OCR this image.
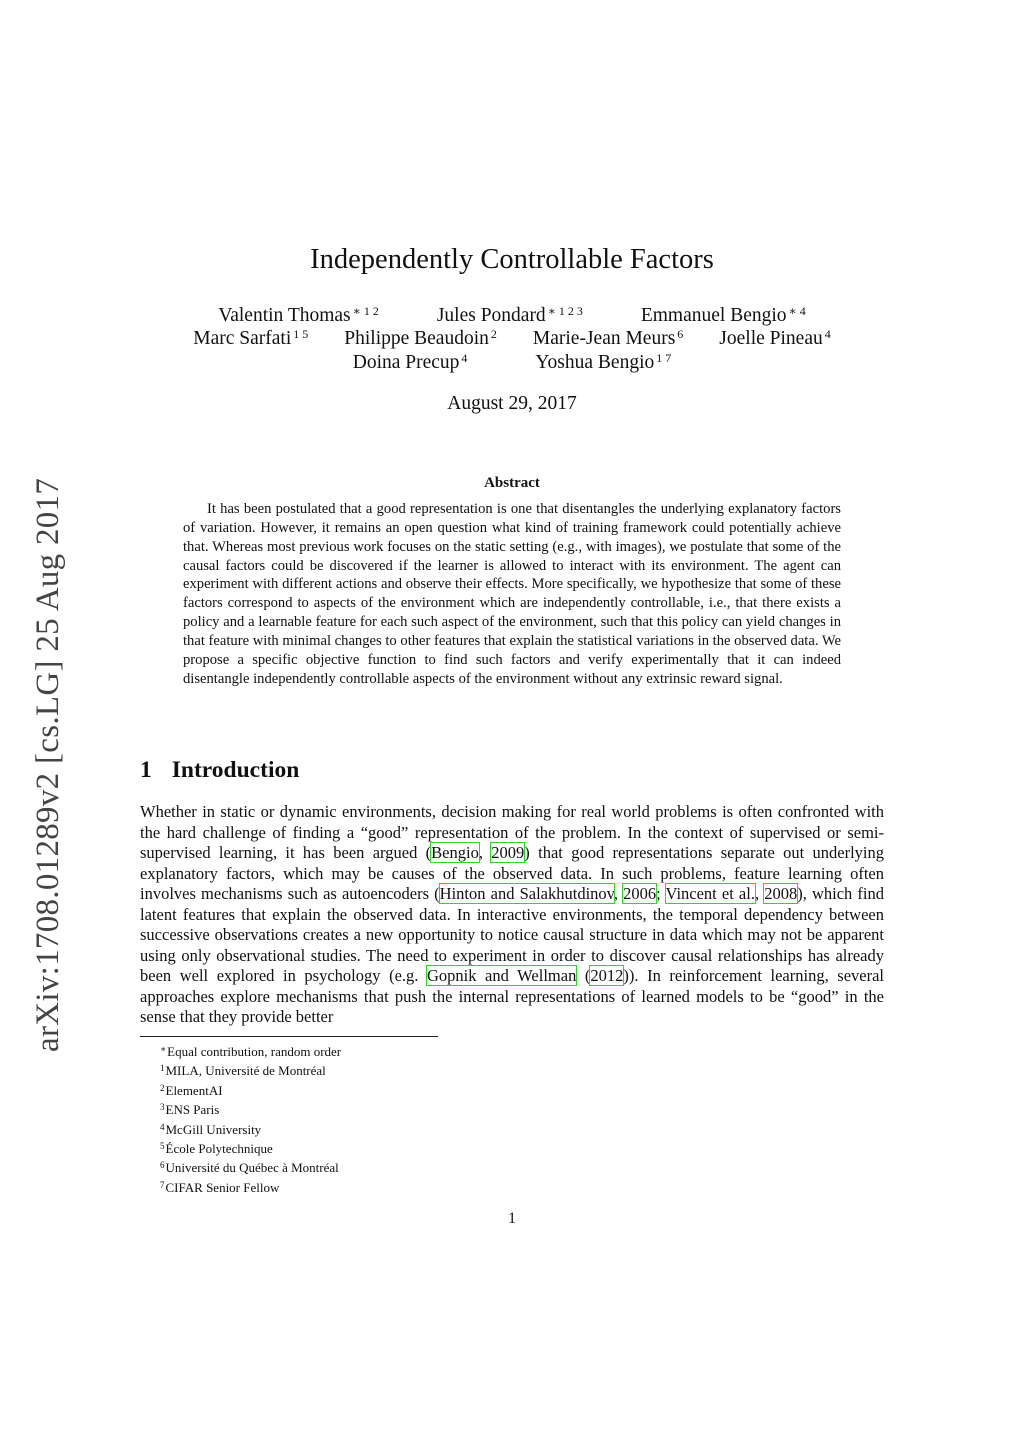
arXiv:1708.01289v2 [cs.LG] 25 Aug 2017
Independently Controllable Factors
Valentin Thomas $^{∗ 1 2}$	Jules Pondard $^{∗ 1 2 3}$	Emmanuel Bengio $^{∗ 4}$
Marc Sarfati $^{1 5}$ Philippe Beaudoin $^2$ Marie-Jean Meurs $^6$ Joelle Pineau $^4$
Doina Precup $^4$	Yoshua Bengio $^{1 7}$
August 29, 2017
Abstract

It has been postulated that a good representation is one that disentangles the underlying explanatory factors of variation. However, it remains an open question what kind of training framework could potentially achieve that. Whereas most previous work focuses on the static setting (e.g., with images), we postulate that some of the causal factors could be discovered if the learner is allowed to interact with its environment. The agent can experiment with different actions and observe their effects. More specifically, we hypothesize that some of these factors correspond to aspects of the environment which are independently controllable, i.e., that there exists a policy and a learnable feature for each such aspect of the environment, such that this policy can yield changes in that feature with minimal changes to other features that explain the statistical variations in the observed data. We propose a specific objective function to find such factors and verify experimentally that it can indeed disentangle independently controllable aspects of the environment without any extrinsic reward signal.

1 Introduction

Whether in static or dynamic environments, decision making for real world problems is often confronted with the hard challenge of finding a “good” representation of the problem. In the context of supervised or semi-supervised learning, it has been argued (Bengio, 2009) that good representations separate out underlying explanatory factors, which may be causes of the observed data. In such problems, feature learning often involves mechanisms such as autoencoders (Hinton and Salakhutdinov, 2006; Vincent et al., 2008), which find latent features that explain the observed data. In interactive environments, the temporal dependency between successive observations creates a new opportunity to notice causal structure in data which may not be apparent using only observational studies. The need to experiment in order to discover causal relationships has already been well explored in psychology (e.g. Gopnik and Wellman (2012)). In reinforcement learning, several approaches explore mechanisms that push the internal representations of learned models to be “good” in the sense that they provide better

∗Equal contribution, random order
$^1$MILA, Université de Montréal
$^2$ElementAI
$^3$ENS Paris
$^4$McGill University
$^5$École Polytechnique
$^6$Université du Québec à Montréal
$^7$CIFAR Senior Fellow
1
